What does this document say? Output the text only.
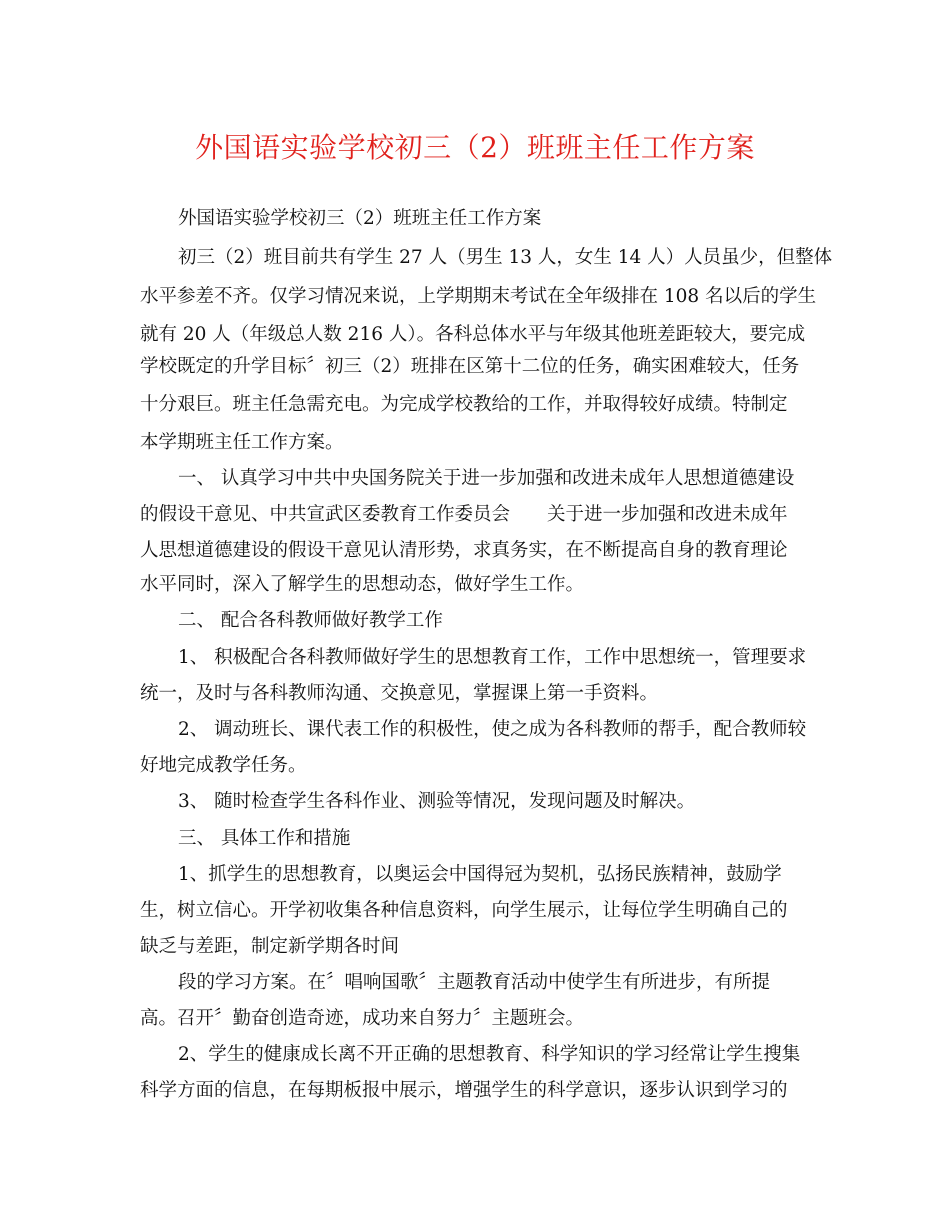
外国语实验学校初三（2）班班主任工作方案

外国语实验学校初三（2）班班主任工作方案

初三（2）班目前共有学生 27 人（男生 13 人，女生 14 人）人员虽少，但整体

水平参差不齐。仅学习情况来说，上学期期末考试在全年级排在 108 名以后的学生

就有 20 人（年级总人数 216 人）。各科总体水平与年级其他班差距较大，要完成

学校既定的升学目标〞初三（2）班排在区第十二位的任务，确实困难较大，任务

十分艰巨。班主任急需充电。为完成学校教给的工作，并取得较好成绩。特制定

本学期班主任工作方案。

一、 认真学习中共中央国务院关于进一步加强和改进未成年人思想道德建设

的假设干意见、中共宣武区委教育工作委员会　　关于进一步加强和改进未成年

人思想道德建设的假设干意见认清形势，求真务实，在不断提高自身的教育理论

水平同时，深入了解学生的思想动态，做好学生工作。

二、 配合各科教师做好教学工作

1、 积极配合各科教师做好学生的思想教育工作，工作中思想统一，管理要求

统一，及时与各科教师沟通、交换意见，掌握课上第一手资料。

2、 调动班长、课代表工作的积极性，使之成为各科教师的帮手，配合教师较

好地完成教学任务。

3、 随时检查学生各科作业、测验等情况，发现问题及时解决。

三、 具体工作和措施

1、抓学生的思想教育，以奥运会中国得冠为契机，弘扬民族精神，鼓励学

生，树立信心。开学初收集各种信息资料，向学生展示，让每位学生明确自己的

缺乏与差距，制定新学期各时间

段的学习方案。在〞唱响国歌〞主题教育活动中使学生有所进步，有所提

高。召开〞勤奋创造奇迹，成功来自努力〞主题班会。

2、学生的健康成长离不开正确的思想教育、科学知识的学习经常让学生搜集

科学方面的信息，在每期板报中展示，增强学生的科学意识，逐步认识到学习的
